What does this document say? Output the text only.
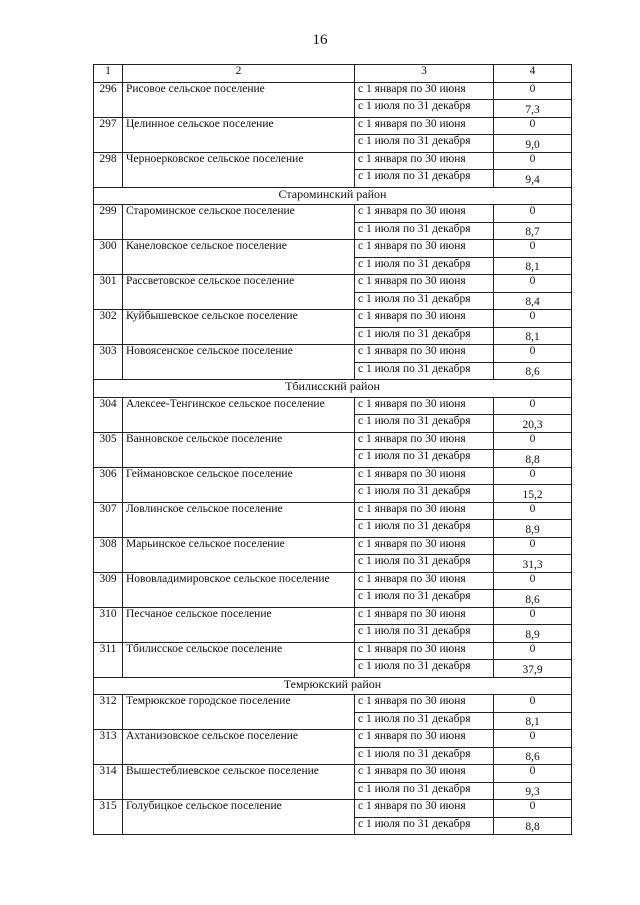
16
1	2	3	4
296	Рисовое сельское поселение	с 1 января по 30 июня	0
		с 1 июля по 31 декабря	7,3
297	Целинное сельское поселение	с 1 января по 30 июня	0
		с 1 июля по 31 декабря	9,0
298	Черноерковское сельское поселение	с 1 января по 30 июня	0
		с 1 июля по 31 декабря	9,4
Староминский район			
299	Староминское сельское поселение	с 1 января по 30 июня	0
		с 1 июля по 31 декабря	8,7
300	Канеловское сельское поселение	с 1 января по 30 июня	0
		с 1 июля по 31 декабря	8,1
301	Рассветовское сельское поселение	с 1 января по 30 июня	0
		с 1 июля по 31 декабря	8,4
302	Куйбышевское сельское поселение	с 1 января по 30 июня	0
		с 1 июля по 31 декабря	8,1
303	Новоясенское сельское поселение	с 1 января по 30 июня	0
		с 1 июля по 31 декабря	8,6
Тбилисский район			
304	Алексее-Тенгинское сельское поселение	с 1 января по 30 июня	0
		с 1 июля по 31 декабря	20,3
305	Ванновское сельское поселение	с 1 января по 30 июня	0
		с 1 июля по 31 декабря	8,8
306	Геймановское сельское поселение	с 1 января по 30 июня	0
		с 1 июля по 31 декабря	15,2
307	Ловлинское сельское поселение	с 1 января по 30 июня	0
		с 1 июля по 31 декабря	8,9
308	Марьинское сельское поселение	с 1 января по 30 июня	0
		с 1 июля по 31 декабря	31,3
309	Нововладимировское сельское поселение	с 1 января по 30 июня	0
		с 1 июля по 31 декабря	8,6
310	Песчаное сельское поселение	с 1 января по 30 июня	0
		с 1 июля по 31 декабря	8,9
311	Тбилисское сельское поселение	с 1 января по 30 июня	0
		с 1 июля по 31 декабря	37,9
Темрюкский район			
312	Темрюкское городское поселение	с 1 января по 30 июня	0
		с 1 июля по 31 декабря	8,1
313	Ахтанизовское сельское поселение	с 1 января по 30 июня	0
		с 1 июля по 31 декабря	8,6
314	Вышестеблиевское сельское поселение	с 1 января по 30 июня	0
		с 1 июля по 31 декабря	9,3
315	Голубицкое сельское поселение	с 1 января по 30 июня	0
		с 1 июля по 31 декабря	8,8
